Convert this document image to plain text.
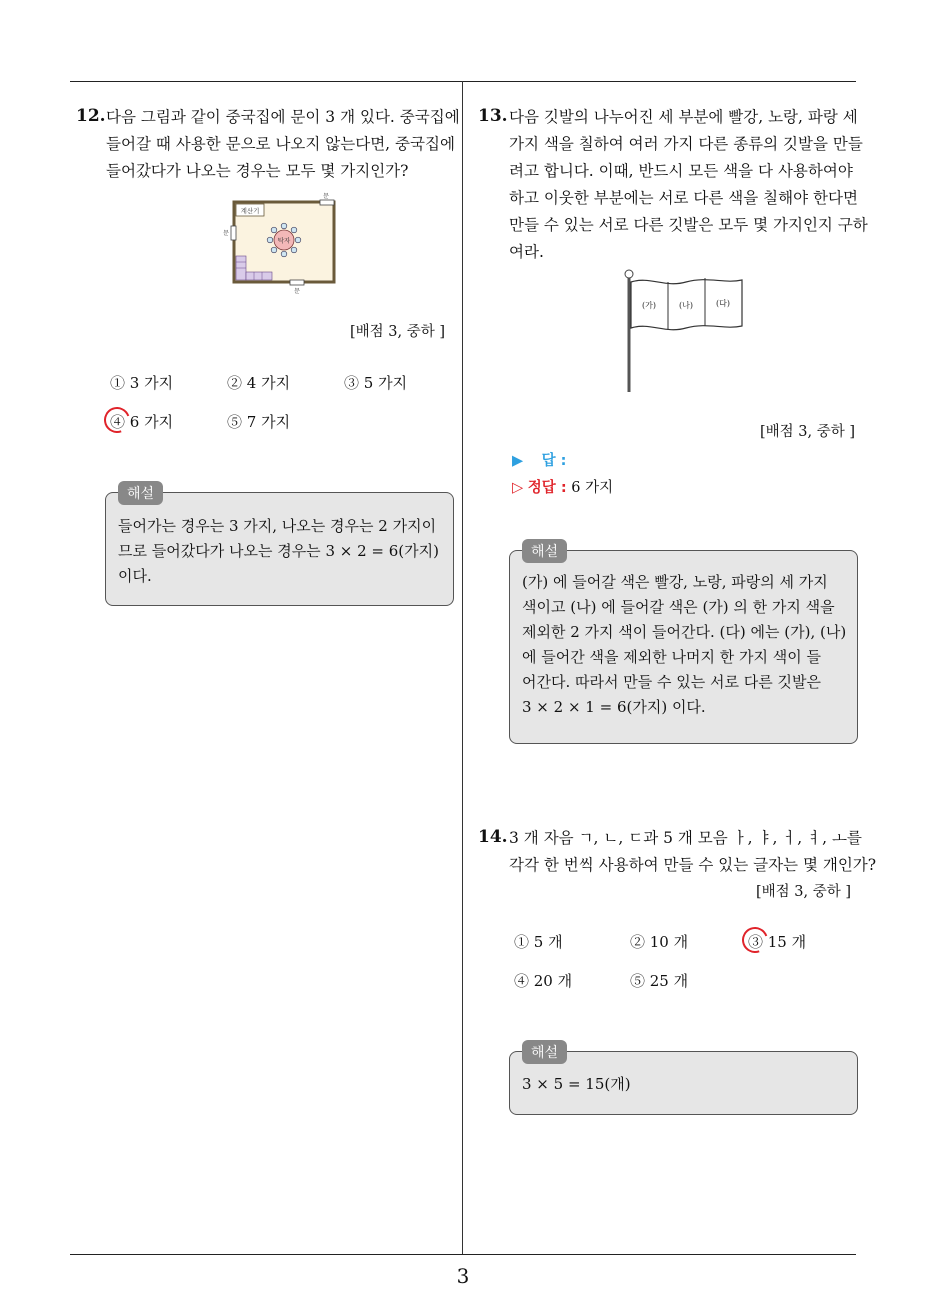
3
12. 다음 그림과 같이 중국집에 문이 3 개 있다. 중국집에
들어갈 때 사용한 문으로 나오지 않는다면, 중국집에
들어갔다가 나오는 경우는 모두 몇 가지인가?
계산기
탁자
문
문
문
[배점 3, 중하 ]
① 3 가지	② 4 가지	③ 5 가지
④ 6 가지	⑤ 7 가지
들어가는 경우는 3 가지, 나오는 경우는 2 가지이
므로 들어갔다가 나오는 경우는 3 × 2 = 6(가지)
이다.
해설
13. 다음 깃발의 나누어진 세 부분에 빨강, 노랑, 파랑 세
가지 색을 칠하여 여러 가지 다른 종류의 깃발을 만들
려고 합니다. 이때, 반드시 모든 색을 다 사용하여야
하고 이웃한 부분에는 서로 다른 색을 칠해야 한다면
만들 수 있는 서로 다른 깃발은 모두 몇 가지인지 구하
여라.
(가)	(나)	(다)
[배점 3, 중하 ]
▶ 답 :
▷ 정답 : 6 가지
(가) 에 들어갈 색은 빨강, 노랑, 파랑의 세 가지
색이고 (나) 에 들어갈 색은 (가) 의 한 가지 색을
제외한 2 가지 색이 들어간다. (다) 에는 (가), (나)
에 들어간 색을 제외한 나머지 한 가지 색이 들
어간다. 따라서 만들 수 있는 서로 다른 깃발은
3 × 2 × 1 = 6(가지) 이다.
해설
14. 3 개 자음 ㄱ, ㄴ, ㄷ과 5 개 모음 ㅏ, ㅑ, ㅓ, ㅕ, ㅗ를
각각 한 번씩 사용하여 만들 수 있는 글자는 몇 개인가?
[배점 3, 중하 ]
① 5 개	② 10 개	③ 15 개
④ 20 개	⑤ 25 개
3 × 5 = 15(개)
해설
